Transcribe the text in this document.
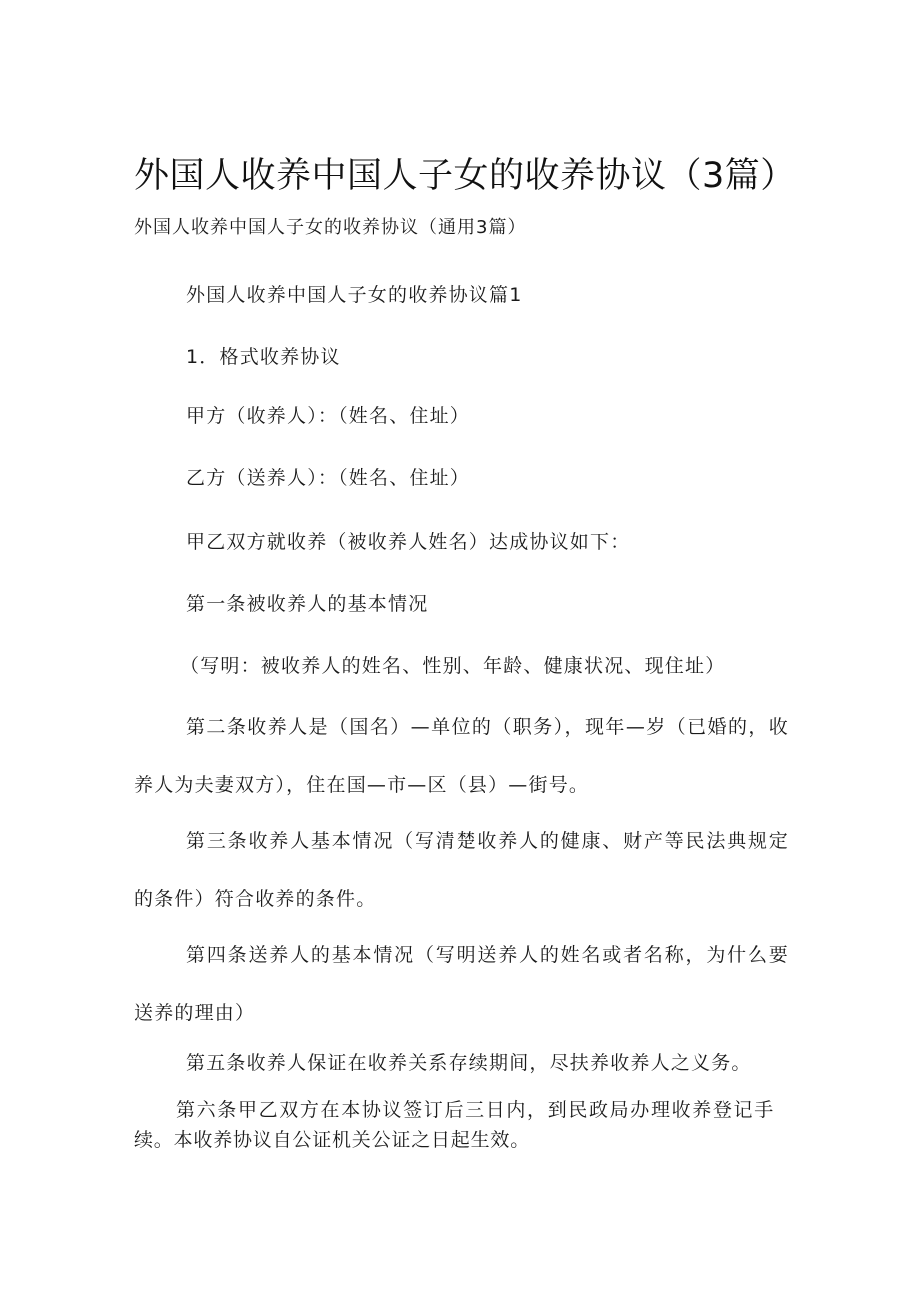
外国人收养中国人子女的收养协议（3篇）
外国人收养中国人子女的收养协议（通用3篇）
外国人收养中国人子女的收养协议篇1
1．格式收养协议
甲方（收养人）：（姓名、住址）
乙方（送养人）：（姓名、住址）
甲乙双方就收养（被收养人姓名）达成协议如下：
第一条被收养人的基本情况
（写明：被收养人的姓名、性别、年龄、健康状况、现住址）
第二条收养人是（国名）—单位的（职务），现年—岁（已婚的，收养人为夫妻双方），住在国—市—区（县）—街号。
第三条收养人基本情况（写清楚收养人的健康、财产等民法典规定的条件）符合收养的条件。
第四条送养人的基本情况（写明送养人的姓名或者名称，为什么要送养的理由）
第五条收养人保证在收养关系存续期间，尽扶养收养人之义务。
第六条甲乙双方在本协议签订后三日内，到民政局办理收养登记手续。本收养协议自公证机关公证之日起生效。
